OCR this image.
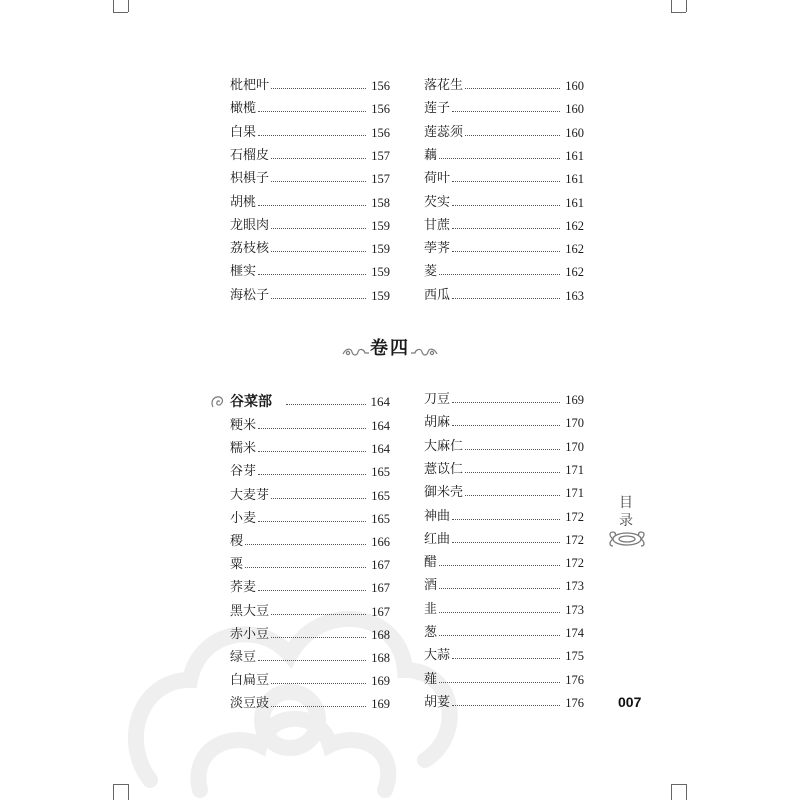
枇杷叶	156
橄榄	156
白果	156
石榴皮	157
枳椇子	157
胡桃	158
龙眼肉	159
荔枝核	159
榧实	159
海松子	159
落花生	160
莲子	160
莲蕊须	160
藕	161
荷叶	161
芡实	161
甘蔗	162
荸荠	162
菱	162
西瓜	163
卷四
谷菜部	164
粳米	164
糯米	164
谷芽	165
大麦芽	165
小麦	165
稷	166
粟	167
荞麦	167
黑大豆	167
赤小豆	168
绿豆	168
白扁豆	169
淡豆豉	169
刀豆	169
胡麻	170
大麻仁	170
薏苡仁	171
御米壳	171
神曲	172
红曲	172
醋	172
酒	173
韭	173
葱	174
大蒜	175
薤	176
胡荽	176
目
录
007
